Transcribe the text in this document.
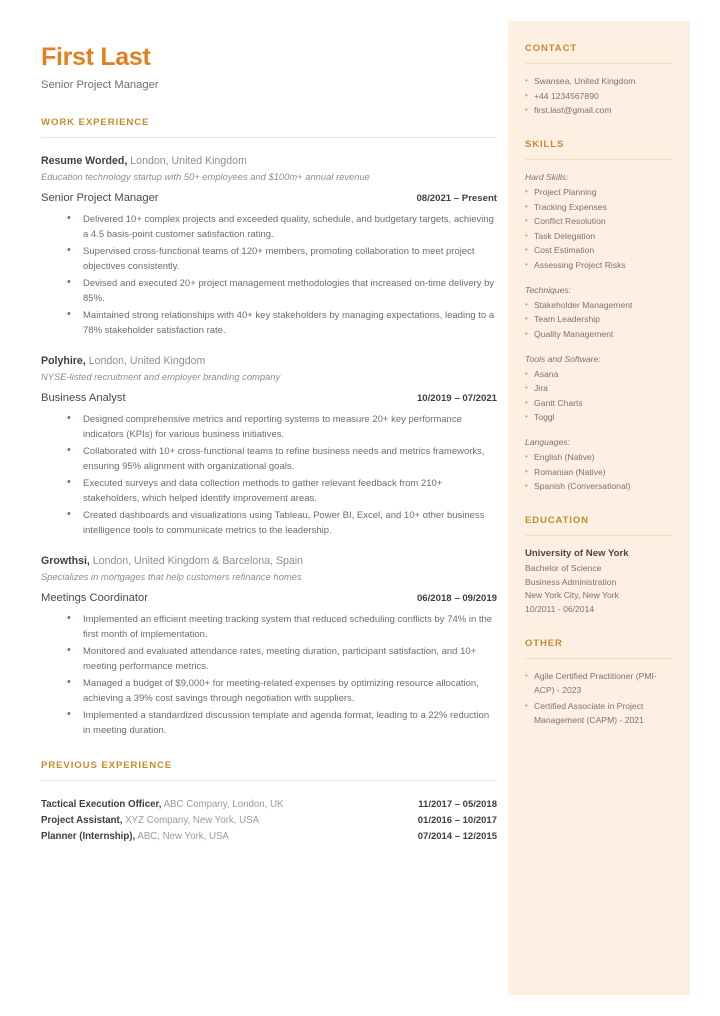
First Last
Senior Project Manager
WORK EXPERIENCE
Resume Worded, London, United Kingdom
Education technology startup with 50+ employees and $100m+ annual revenue
Senior Project Manager	08/2021 – Present
• Delivered 10+ complex projects and exceeded quality, schedule, and budgetary targets, achieving a 4.5 basis-point customer satisfaction rating.
• Supervised cross-functional teams of 120+ members, promoting collaboration to meet project objectives consistently.
• Devised and executed 20+ project management methodologies that increased on-time delivery by 85%.
• Maintained strong relationships with 40+ key stakeholders by managing expectations, leading to a 78% stakeholder satisfaction rate.
Polyhire, London, United Kingdom
NYSE-listed recruitment and employer branding company
Business Analyst	10/2019 – 07/2021
• Designed comprehensive metrics and reporting systems to measure 20+ key performance indicators (KPIs) for various business initiatives.
• Collaborated with 10+ cross-functional teams to refine business needs and metrics frameworks, ensuring 95% alignment with organizational goals.
• Executed surveys and data collection methods to gather relevant feedback from 210+ stakeholders, which helped identify improvement areas.
• Created dashboards and visualizations using Tableau, Power BI, Excel, and 10+ other business intelligence tools to communicate metrics to the leadership.
Growthsi, London, United Kingdom & Barcelona, Spain
Specializes in mortgages that help customers refinance homes
Meetings Coordinator	06/2018 – 09/2019
• Implemented an efficient meeting tracking system that reduced scheduling conflicts by 74% in the first month of implementation.
• Monitored and evaluated attendance rates, meeting duration, participant satisfaction, and 10+ meeting performance metrics.
• Managed a budget of $9,000+ for meeting-related expenses by optimizing resource allocation, achieving a 39% cost savings through negotiation with suppliers.
• Implemented a standardized discussion template and agenda format, leading to a 22% reduction in meeting duration.
PREVIOUS EXPERIENCE
Tactical Execution Officer, ABC Company, London, UK	11/2017 – 05/2018
Project Assistant, XYZ Company, New York, USA	01/2016 – 10/2017
Planner (Internship), ABC, New York, USA	07/2014 – 12/2015
CONTACT
• Swansea, United Kingdom
• +44 1234567890
• first.last@gmail.com
SKILLS
Hard Skills:
• Project Planning
• Tracking Expenses
• Conflict Resolution
• Task Delegation
• Cost Estimation
• Assessing Project Risks
Techniques:
• Stakeholder Management
• Team Leadership
• Quality Management
Tools and Software:
• Asana
• Jira
• Gantt Charts
• Toggl
Languages:
• English (Native)
• Romanian (Native)
• Spanish (Conversational)
EDUCATION
University of New York
Bachelor of Science
Business Administration
New York City, New York
10/2011 - 06/2014
OTHER
• Agile Certified Practitioner (PMI-ACP) - 2023
• Certified Associate in Project Management (CAPM) - 2021
